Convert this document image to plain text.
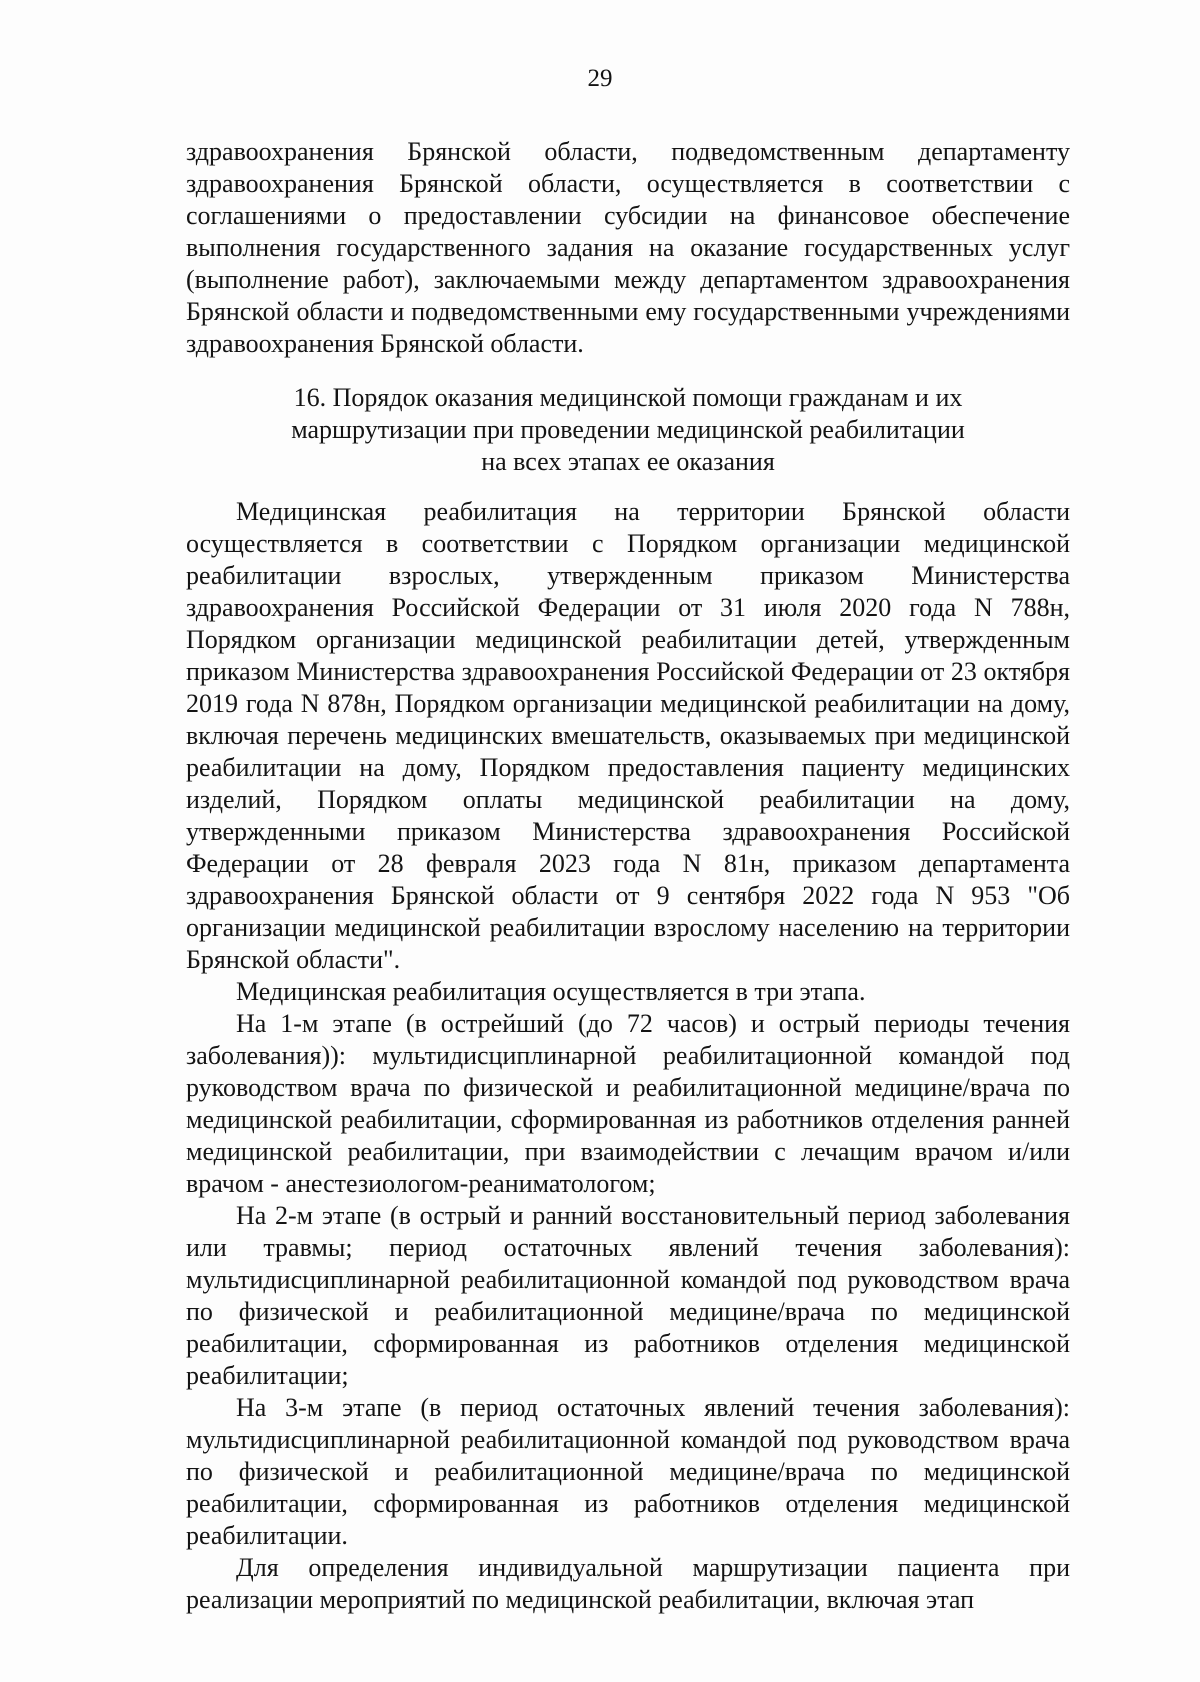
29

здравоохранения Брянской области, подведомственным департаменту здравоохранения Брянской области, осуществляется в соответствии с соглашениями о предоставлении субсидии на финансовое обеспечение выполнения государственного задания на оказание государственных услуг (выполнение работ), заключаемыми между департаментом здравоохранения Брянской области и подведомственными ему государственными учреждениями здравоохранения Брянской области.

16. Порядок оказания медицинской помощи гражданам и их
маршрутизации при проведении медицинской реабилитации
на всех этапах ее оказания

Медицинская реабилитация на территории Брянской области осуществляется в соответствии с Порядком организации медицинской реабилитации взрослых, утвержденным приказом Министерства здравоохранения Российской Федерации от 31 июля 2020 года N 788н, Порядком организации медицинской реабилитации детей, утвержденным приказом Министерства здравоохранения Российской Федерации от 23 октября 2019 года N 878н, Порядком организации медицинской реабилитации на дому, включая перечень медицинских вмешательств, оказываемых при медицинской реабилитации на дому, Порядком предоставления пациенту медицинских изделий, Порядком оплаты медицинской реабилитации на дому, утвержденными приказом Министерства здравоохранения Российской Федерации от 28 февраля 2023 года N 81н, приказом департамента здравоохранения Брянской области от 9 сентября 2022 года N 953 "Об организации медицинской реабилитации взрослому населению на территории Брянской области".

Медицинская реабилитация осуществляется в три этапа.

На 1-м этапе (в острейший (до 72 часов) и острый периоды течения заболевания)): мультидисциплинарной реабилитационной командой под руководством врача по физической и реабилитационной медицине/врача по медицинской реабилитации, сформированная из работников отделения ранней медицинской реабилитации, при взаимодействии с лечащим врачом и/или врачом - анестезиологом-реаниматологом;

На 2-м этапе (в острый и ранний восстановительный период заболевания или травмы; период остаточных явлений течения заболевания): мультидисциплинарной реабилитационной командой под руководством врача по физической и реабилитационной медицине/врача по медицинской реабилитации, сформированная из работников отделения медицинской реабилитации;

На 3-м этапе (в период остаточных явлений течения заболевания): мультидисциплинарной реабилитационной командой под руководством врача по физической и реабилитационной медицине/врача по медицинской реабилитации, сформированная из работников отделения медицинской реабилитации.

Для определения индивидуальной маршрутизации пациента при реализации мероприятий по медицинской реабилитации, включая этап
